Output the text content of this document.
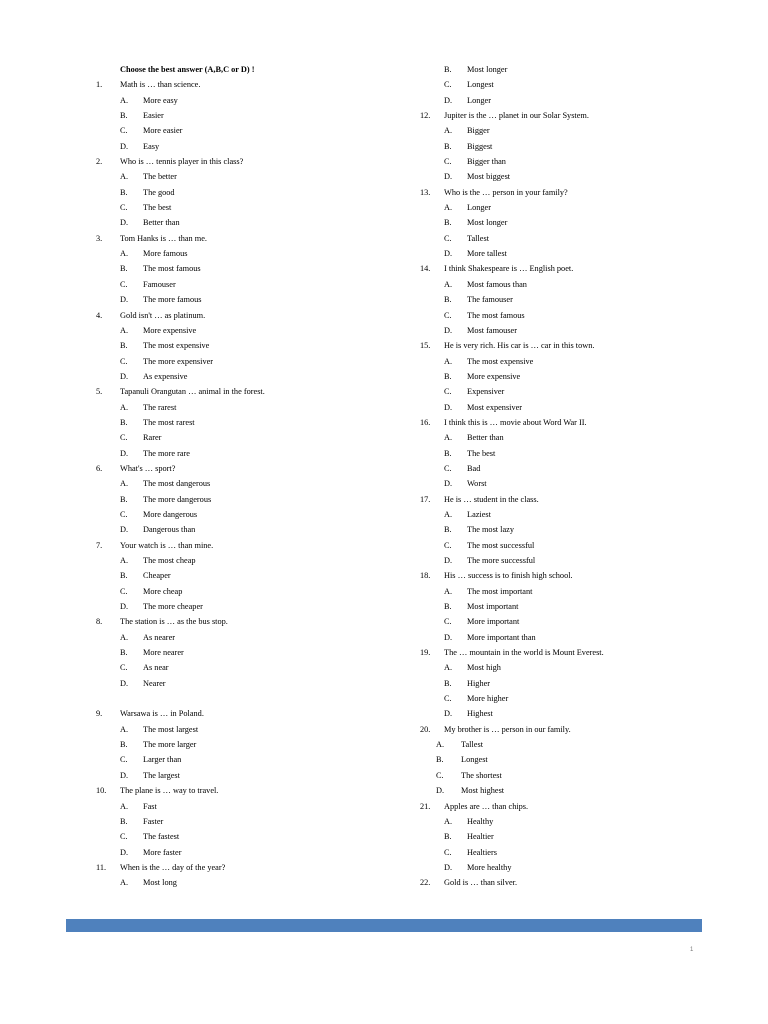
Choose the best answer (A,B,C or D) !
1. Math is … than science.
A. More easy
B. Easier
C. More easier
D. Easy
2. Who is … tennis player in this class?
A. The better
B. The good
C. The best
D. Better than
3. Tom Hanks is … than me.
A. More famous
B. The most famous
C. Famouser
D. The more famous
4. Gold isn't … as platinum.
A. More expensive
B. The most expensive
C. The more expensiver
D. As expensive
5. Tapanuli Orangutan … animal in the forest.
A. The rarest
B. The most rarest
C. Rarer
D. The more rare
6. What's … sport?
A. The most dangerous
B. The more dangerous
C. More dangerous
D. Dangerous than
7. Your watch is … than mine.
A. The most cheap
B. Cheaper
C. More cheap
D. The more cheaper
8. The station is … as the bus stop.
A. As nearer
B. More nearer
C. As near
D. Nearer
9. Warsawa is … in Poland.
A. The most largest
B. The more larger
C. Larger than
D. The largest
10. The plane is … way to travel.
A. Fast
B. Faster
C. The fastest
D. More faster
11. When is the … day of the year?
A. Most long
B. Most longer
C. Longest
D. Longer
12. Jupiter is the … planet in our Solar System.
A. Bigger
B. Biggest
C. Bigger than
D. Most biggest
13. Who is the … person in your family?
A. Longer
B. Most longer
C. Tallest
D. More tallest
14. I think Shakespeare is … English poet.
A. Most famous than
B. The famouser
C. The most famous
D. Most famouser
15. He is very rich. His car is … car in this town.
A. The most expensive
B. More expensive
C. Expensiver
D. Most expensiver
16. I think this is … movie about Word War II.
A. Better than
B. The best
C. Bad
D. Worst
17. He is … student in the class.
A. Laziest
B. The most lazy
C. The most successful
D. The more successful
18. His … success is to finish high school.
A. The most important
B. Most important
C. More important
D. More important than
19. The … mountain in the world is Mount Everest.
A. Most high
B. Higher
C. More higher
D. Highest
20. My brother is … person in our family.
A. Tallest
B. Longest
C. The shortest
D. Most highest
21. Apples are … than chips.
A. Healthy
B. Healtier
C. Healtiers
D. More healthy
22. Gold is … than silver.
1
